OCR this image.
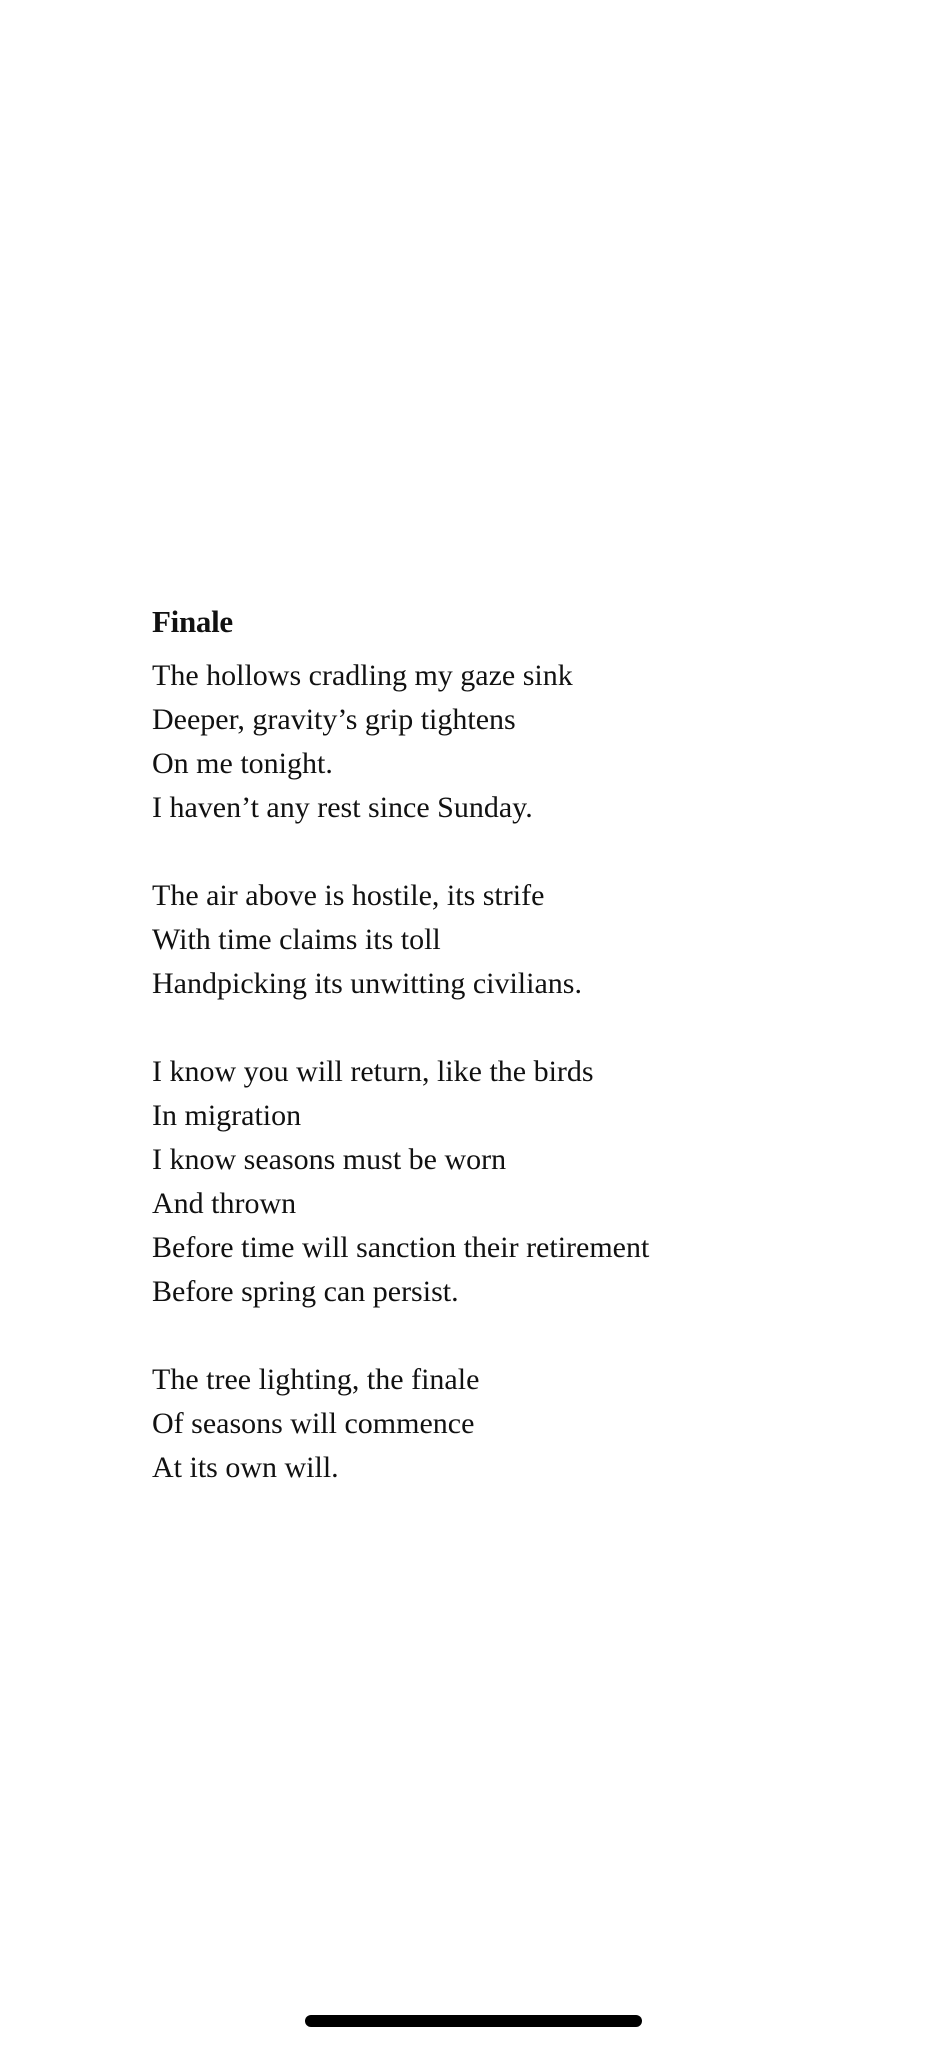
Finale
The hollows cradling my gaze sink
Deeper, gravity’s grip tightens
On me tonight.
I haven’t any rest since Sunday.
The air above is hostile, its strife
With time claims its toll
Handpicking its unwitting civilians.
I know you will return, like the birds
In migration
I know seasons must be worn
And thrown
Before time will sanction their retirement
Before spring can persist.
The tree lighting, the finale
Of seasons will commence
At its own will.
